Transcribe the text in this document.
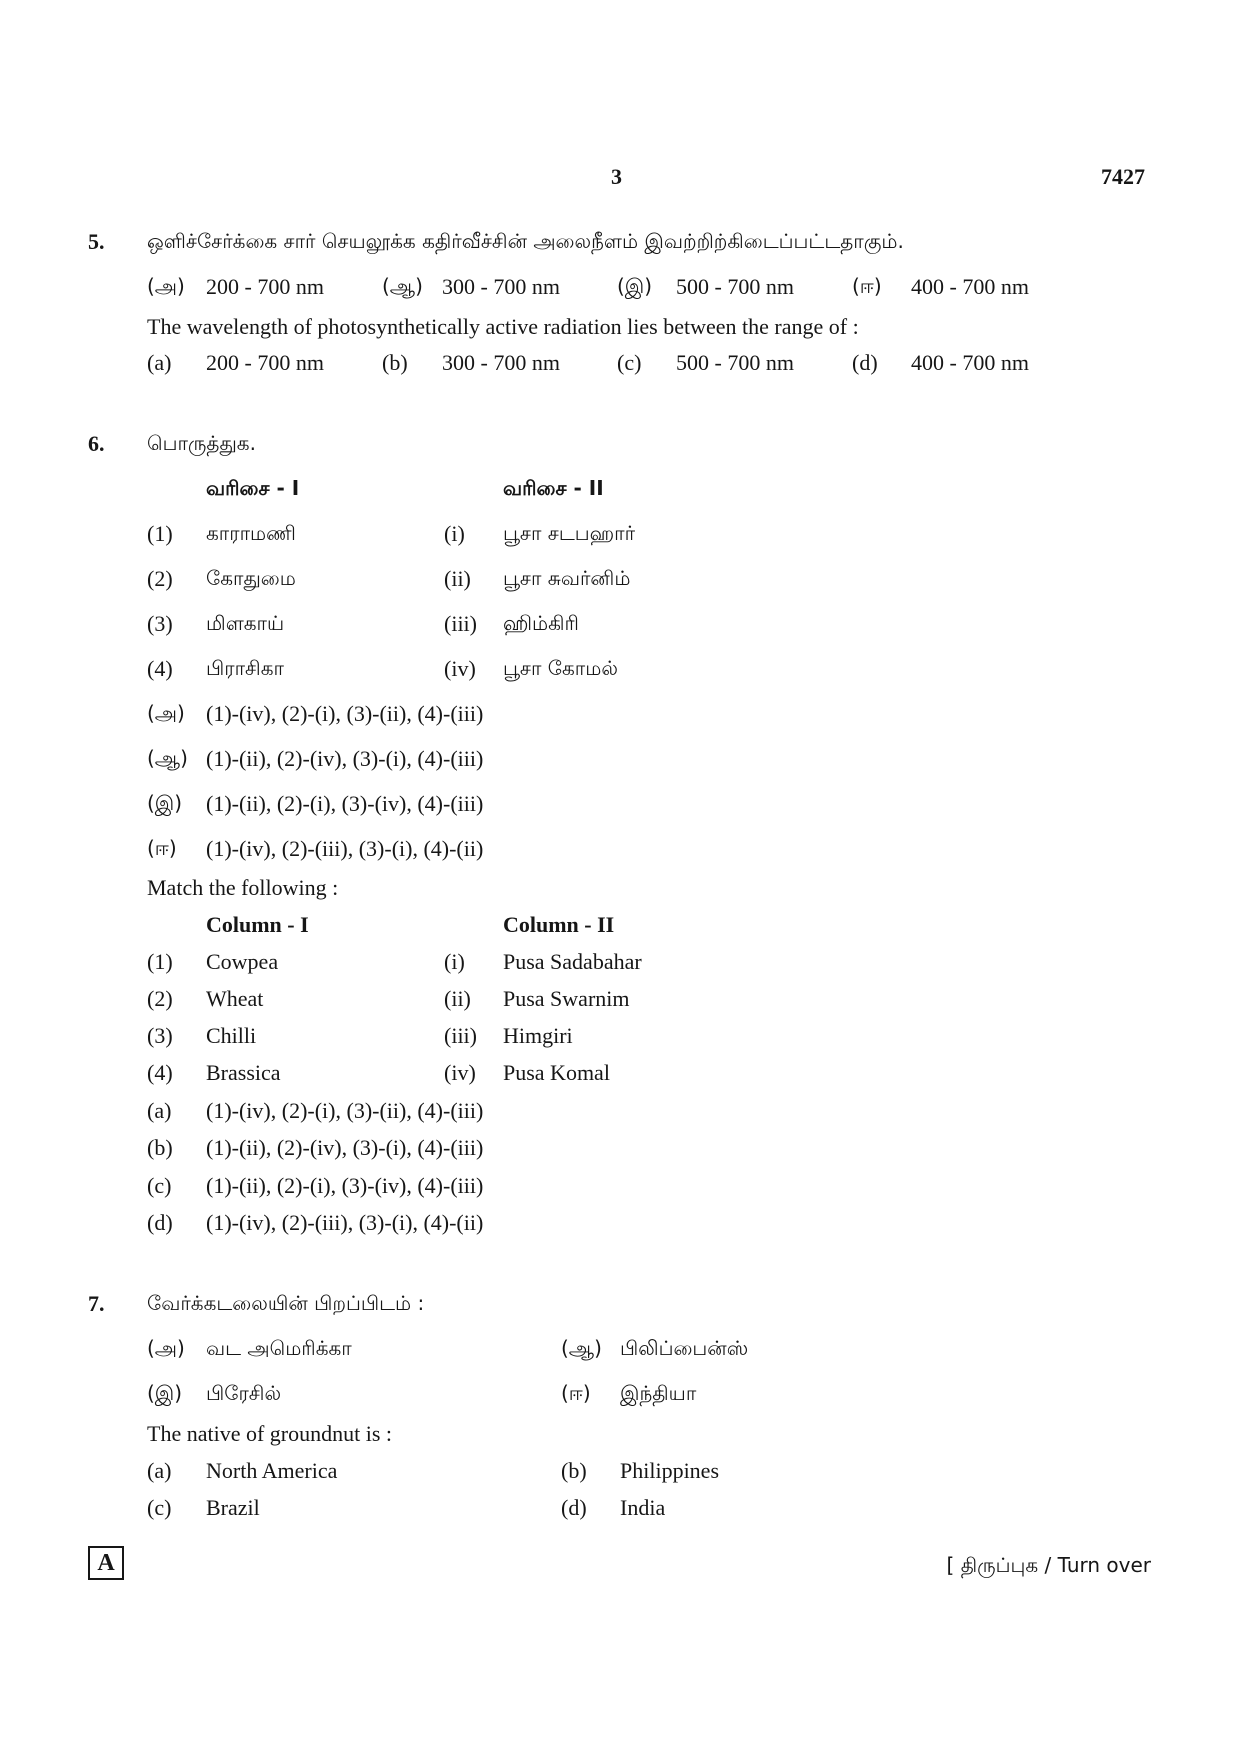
3	7427
5. ஒளிச்சேர்க்கை சார் செயலூக்க கதிர்வீச்சின் அலைநீளம் இவற்றிற்கிடைப்பட்டதாகும்.
(அ) 200 - 700 nm	(ஆ) 300 - 700 nm	(இ) 500 - 700 nm	(ஈ) 400 - 700 nm
The wavelength of photosynthetically active radiation lies between the range of :
(a) 200 - 700 nm	(b) 300 - 700 nm	(c) 500 - 700 nm	(d) 400 - 700 nm
6. பொருத்துக.
வரிசை - I	வரிசை - II
(1) காராமணி	(i) பூசா சடபஹார்
(2) கோதுமை	(ii) பூசா சுவர்னிம்
(3) மிளகாய்	(iii) ஹிம்கிரி
(4) பிராசிகா	(iv) பூசா கோமல்
(அ) (1)-(iv), (2)-(i), (3)-(ii), (4)-(iii)
(ஆ) (1)-(ii), (2)-(iv), (3)-(i), (4)-(iii)
(இ) (1)-(ii), (2)-(i), (3)-(iv), (4)-(iii)
(ஈ) (1)-(iv), (2)-(iii), (3)-(i), (4)-(ii)
Match the following :
Column - I	Column - II
(1) Cowpea	(i) Pusa Sadabahar
(2) Wheat	(ii) Pusa Swarnim
(3) Chilli	(iii) Himgiri
(4) Brassica	(iv) Pusa Komal
(a) (1)-(iv), (2)-(i), (3)-(ii), (4)-(iii)
(b) (1)-(ii), (2)-(iv), (3)-(i), (4)-(iii)
(c) (1)-(ii), (2)-(i), (3)-(iv), (4)-(iii)
(d) (1)-(iv), (2)-(iii), (3)-(i), (4)-(ii)
7. வேர்க்கடலையின் பிறப்பிடம் :
(அ) வட அமெரிக்கா	(ஆ) பிலிப்பைன்ஸ்
(இ) பிரேசில்	(ஈ) இந்தியா
The native of groundnut is :
(a) North America	(b) Philippines
(c) Brazil	(d) India
A	[ திருப்புக / Turn over
